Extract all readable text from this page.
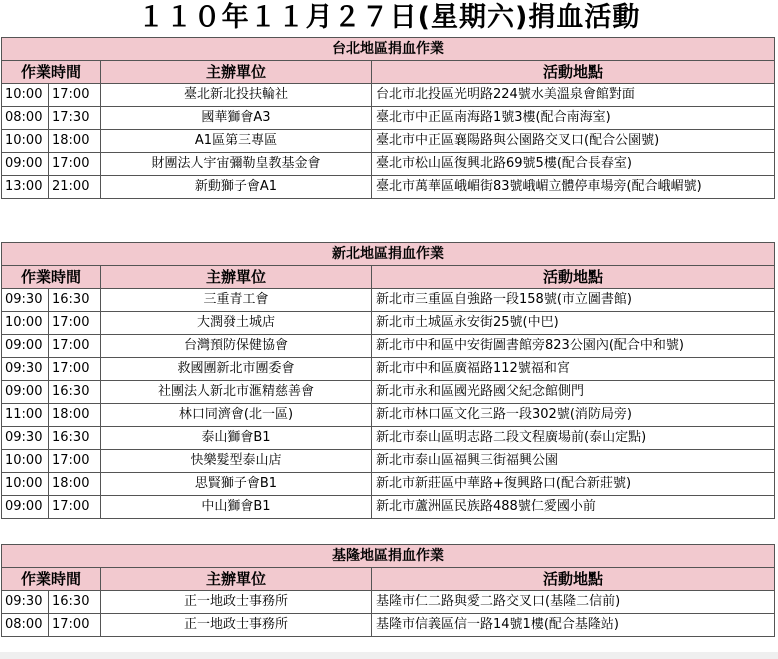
１１０年１１月２７日(星期六)捐血活動
台北地區捐血作業			
作業時間		主辦單位	活動地點
10:00	17:00	臺北新北投扶輪社	台北市北投區光明路224號水美溫泉會館對面
08:00	17:30	國華獅會A3	臺北市中正區南海路1號3樓(配合南海室)
10:00	18:00	A1區第三專區	臺北市中正區襄陽路與公園路交叉口(配合公園號)
09:00	17:00	財團法人宇宙彌勒皇教基金會	臺北市松山區復興北路69號5樓(配合長春室)
13:00	21:00	新動獅子會A1	臺北市萬華區峨嵋街83號峨嵋立體停車場旁(配合峨嵋號)
新北地區捐血作業			
作業時間		主辦單位	活動地點
09:30	16:30	三重青工會	新北市三重區自強路一段158號(市立圖書館)
10:00	17:00	大潤發土城店	新北市土城區永安街25號(中巴)
09:00	17:00	台灣預防保健協會	新北市中和區中安街圖書館旁823公園內(配合中和號)
09:30	17:00	救國團新北市團委會	新北市中和區廣福路112號福和宮
09:00	16:30	社團法人新北市滙精慈善會	新北市永和區國光路國父紀念館側門
11:00	18:00	林口同濟會(北一區)	新北市林口區文化三路一段302號(消防局旁)
09:30	16:30	泰山獅會B1	新北市泰山區明志路二段文程廣場前(泰山定點)
10:00	17:00	快樂髮型泰山店	新北市泰山區福興三街福興公園
10:00	18:00	思賢獅子會B1	新北市新莊區中華路+復興路口(配合新莊號)
09:00	17:00	中山獅會B1	新北市蘆洲區民族路488號仁愛國小前
基隆地區捐血作業			
作業時間		主辦單位	活動地點
09:30	16:30	正一地政士事務所	基隆市仁二路與愛二路交叉口(基隆二信前)
08:00	17:00	正一地政士事務所	基隆市信義區信一路14號1樓(配合基隆站)
